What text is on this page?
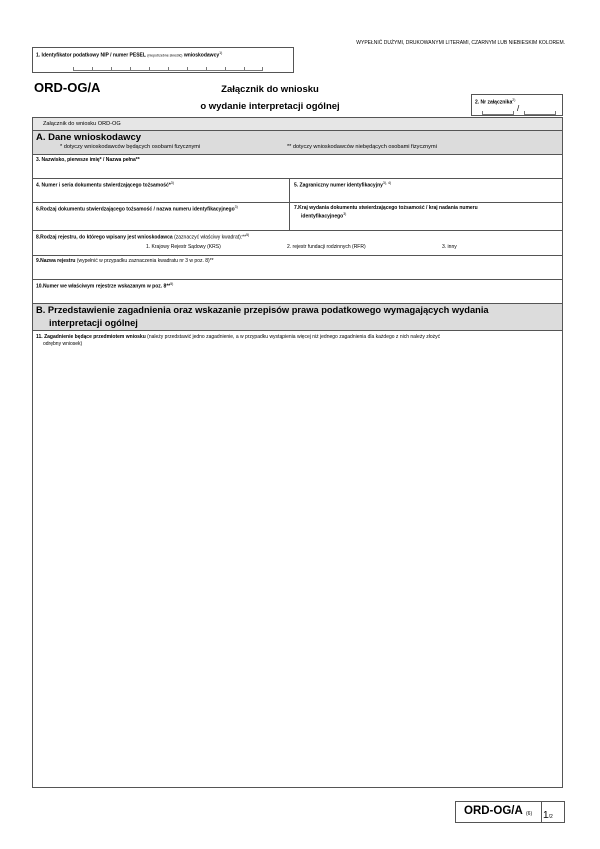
WYPEŁNIĆ DUŻYMI, DRUKOWANYMI LITERAMI, CZARNYM LUB NIEBIESKIM KOLOREM.
1. Identyfikator podatkowy NIP / numer PESEL (niepotrzebne skreślić) wnioskodawcy$^{1)}$
ORD-OG/A	Załącznik do wniosku
o wydanie interpretacji ogólnej	2. Nr załącznika$^{2)}$
/
Załącznik do wniosku ORD-OG
A. Dane wnioskodawcy
* dotyczy wnioskodawców będących osobami fizycznymi	** dotyczy wnioskodawców niebędących osobami fizycznymi
3. Nazwisko, pierwsze imię* / Nazwa pełna**
4. Numer i seria dokumentu stwierdzającego tożsamość*$^{3)}$	5. Zagraniczny numer identyfikacyjny$^{3), 4)}$
6.Rodzaj dokumentu stwierdzającego tożsamość / nazwa numeru identyfikacyjnego$^{3)}$	7.Kraj wydania dokumentu stwierdzającego tożsamość / kraj nadania numeru
identyfikacyjnego$^{3)}$
8.Rodzaj rejestru, do którego wpisany jest wnioskodawca (zaznaczyć właściwy kwadrat):**$^{5)}$
1. Krajowy Rejestr Sądowy (KRS)	2. rejestr fundacji rodzinnych (RFR)	3. inny
9.Nazwa rejestru (wypełnić w przypadku zaznaczenia kwadratu nr 3 w poz. 8)**
10.Numer we właściwym rejestrze wskazanym w poz. 8**$^{5)}$
B. Przedstawienie zagadnienia oraz wskazanie przepisów prawa podatkowego wymagających wydania
interpretacji ogólnej
11. Zagadnienie będące przedmiotem wniosku (należy przedstawić jedno zagadnienie, a w przypadku wystąpienia więcej niż jednego zagadnienia dla każdego z nich należy złożyć
odrębny wniosek)
ORD-OG/A (6) 1/2
